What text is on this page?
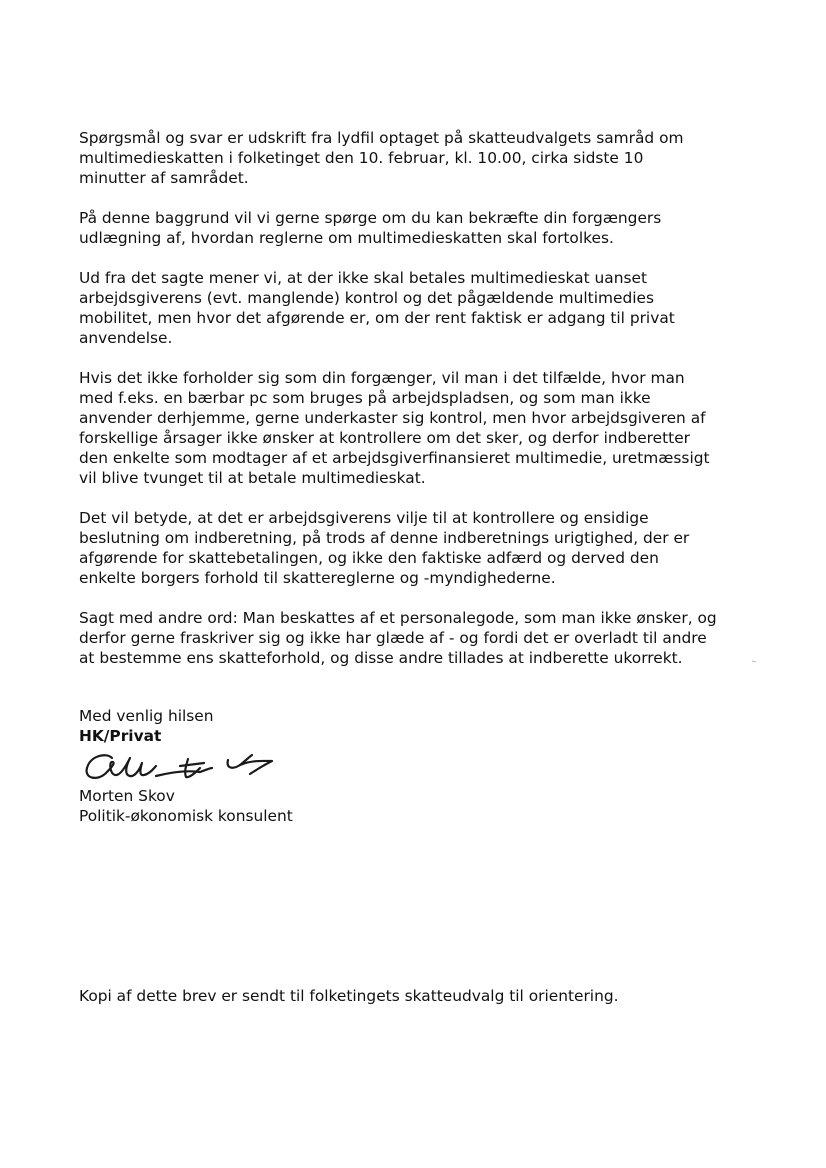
Spørgsmål og svar er udskrift fra lydfil optaget på skatteudvalgets samråd om
multimedieskatten i folketinget den 10. februar, kl. 10.00, cirka sidste 10
minutter af samrådet.

På denne baggrund vil vi gerne spørge om du kan bekræfte din forgængers
udlægning af, hvordan reglerne om multimedieskatten skal fortolkes.

Ud fra det sagte mener vi, at der ikke skal betales multimedieskat uanset
arbejdsgiverens (evt. manglende) kontrol og det pågældende multimedies
mobilitet, men hvor det afgørende er, om der rent faktisk er adgang til privat
anvendelse.

Hvis det ikke forholder sig som din forgænger, vil man i det tilfælde, hvor man
med f.eks. en bærbar pc som bruges på arbejdspladsen, og som man ikke
anvender derhjemme, gerne underkaster sig kontrol, men hvor arbejdsgiveren af
forskellige årsager ikke ønsker at kontrollere om det sker, og derfor indberetter
den enkelte som modtager af et arbejdsgiverfinansieret multimedie, uretmæssigt
vil blive tvunget til at betale multimedieskat.

Det vil betyde, at det er arbejdsgiverens vilje til at kontrollere og ensidige
beslutning om indberetning, på trods af denne indberetnings urigtighed, der er
afgørende for skattebetalingen, og ikke den faktiske adfærd og derved den
enkelte borgers forhold til skattereglerne og -myndighederne.

Sagt med andre ord: Man beskattes af et personalegode, som man ikke ønsker, og
derfor gerne fraskriver sig og ikke har glæde af - og fordi det er overladt til andre
at bestemme ens skatteforhold, og disse andre tillades at indberette ukorrekt.

Med venlig hilsen

HK/Privat

Morten Skov

Politik-økonomisk konsulent

Kopi af dette brev er sendt til folketingets skatteudvalg til orientering.
